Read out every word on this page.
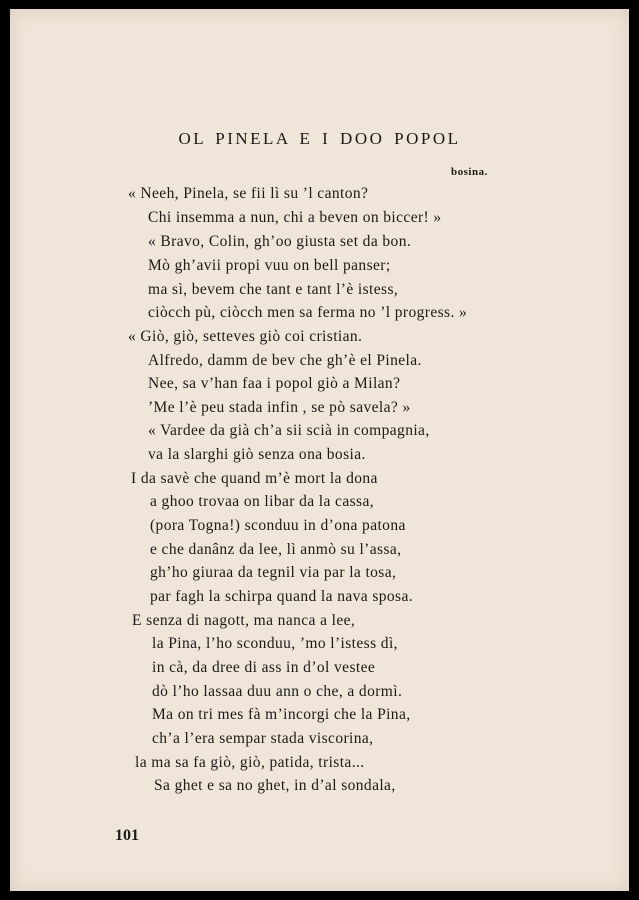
OL PINELA E I DOO POPOL
bosina.
« Neeh, Pinela, se fii lì su ’l canton?
Chi insemma a nun, chi a beven on biccer! »
« Bravo, Colin, gh’oo giusta set da bon.
Mò gh’avii propi vuu on bell panser;
ma sì, bevem che tant e tant l’è istess,
ciòcch pù, ciòcch men sa ferma no ’l progress. »
« Giò, giò, setteves giò coi cristian.
Alfredo, damm de bev che gh’è el Pinela.
Nee, sa v’han faa i popol giò a Milan?
’Me l’è peu stada infin , se pò savela? »
« Vardee da già ch’a sii scià in compagnia,
va la slarghi giò senza ona bosia.
I da savè che quand m’è mort la dona
a ghoo trovaa on libar da la cassa,
(pora Togna!) sconduu in d’ona patona
e che danânz da lee, lì anmò su l’assa,
gh’ho giuraa da tegnil via par la tosa,
par fagh la schirpa quand la nava sposa.
E senza di nagott, ma nanca a lee,
la Pina, l’ho sconduu, ’mo l’istess dì,
in cà, da dree di ass in d’ol vestee
dò l’ho lassaa duu ann o che, a dormì.
Ma on tri mes fà m’incorgi che la Pina,
ch’a l’era sempar stada viscorina,
la ma sa fa giò, giò, patida, trista...
Sa ghet e sa no ghet, in d’al sondala,
101
